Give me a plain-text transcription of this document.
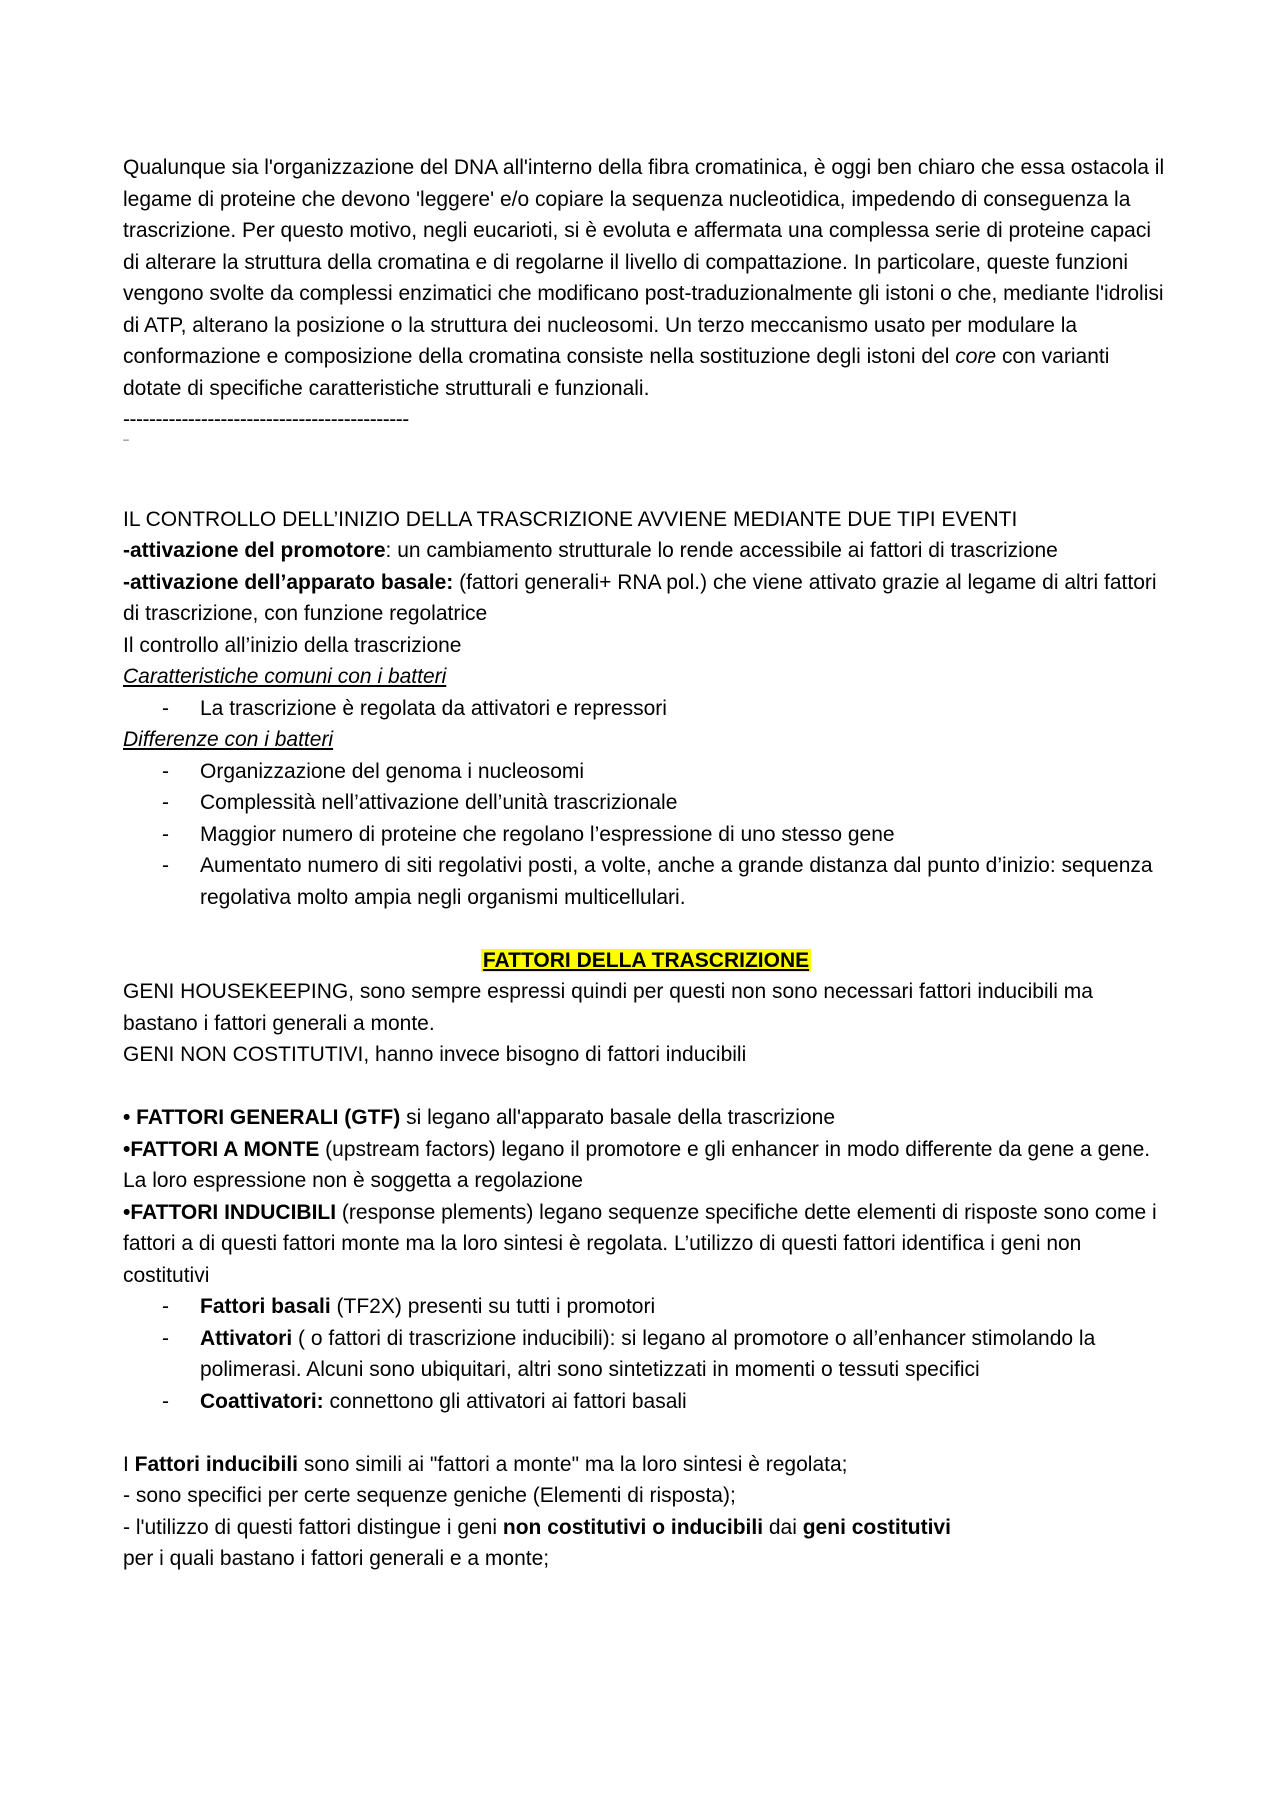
Qualunque sia l'organizzazione del DNA all'interno della fibra cromatinica, è oggi ben chiaro che essa ostacola il legame di proteine che devono 'leggere' e/o copiare la sequenza nucleotidica, impedendo di conseguenza la trascrizione. Per questo motivo, negli eucarioti, si è evoluta e affermata una complessa serie di proteine capaci di alterare la struttura della cromatina e di regolarne il livello di compattazione. In particolare, queste funzioni vengono svolte da complessi enzimatici che modificano post-traduzionalmente gli istoni o che, mediante l'idrolisi di ATP, alterano la posizione o la struttura dei nucleosomi. Un terzo meccanismo usato per modulare la conformazione e composizione della cromatina consiste nella sostituzione degli istoni del core con varianti dotate di specifiche caratteristiche strutturali e funzionali.

--------------------------------------------

--

IL CONTROLLO DELL’INIZIO DELLA TRASCRIZIONE AVVIENE MEDIANTE DUE TIPI EVENTI

-attivazione del promotore: un cambiamento strutturale lo rende accessibile ai fattori di trascrizione

-attivazione dell’apparato basale: (fattori generali+ RNA pol.) che viene attivato grazie al legame di altri fattori di trascrizione, con funzione regolatrice

Il controllo all’inizio della trascrizione

Caratteristiche comuni con i batteri

- La trascrizione è regolata da attivatori e repressori

Differenze con i batteri

- Organizzazione del genoma i nucleosomi
- Complessità nell’attivazione dell’unità trascrizionale
- Maggior numero di proteine che regolano l’espressione di uno stesso gene
- Aumentato numero di siti regolativi posti, a volte, anche a grande distanza dal punto d’inizio: sequenza regolativa molto ampia negli organismi multicellulari.

FATTORI DELLA TRASCRIZIONE

GENI HOUSEKEEPING, sono sempre espressi quindi per questi non sono necessari fattori inducibili ma bastano i fattori generali a monte.

GENI NON COSTITUTIVI, hanno invece bisogno di fattori inducibili

• FATTORI GENERALI (GTF) si legano all'apparato basale della trascrizione

•FATTORI A MONTE (upstream factors) legano il promotore e gli enhancer in modo differente da gene a gene. La loro espressione non è soggetta a regolazione

•FATTORI INDUCIBILI (response plements) legano sequenze specifiche dette elementi di risposte sono come i fattori a di questi fattori monte ma la loro sintesi è regolata. L’utilizzo di questi fattori identifica i geni non costitutivi

- Fattori basali (TF2X) presenti su tutti i promotori
- Attivatori ( o fattori di trascrizione inducibili): si legano al promotore o all’enhancer stimolando la polimerasi. Alcuni sono ubiquitari, altri sono sintetizzati in momenti o tessuti specifici
- Coattivatori: connettono gli attivatori ai fattori basali

I Fattori inducibili sono simili ai "fattori a monte" ma la loro sintesi è regolata;

- sono specifici per certe sequenze geniche (Elementi di risposta);

- l'utilizzo di questi fattori distingue i geni non costitutivi o inducibili dai geni costitutivi

per i quali bastano i fattori generali e a monte;
